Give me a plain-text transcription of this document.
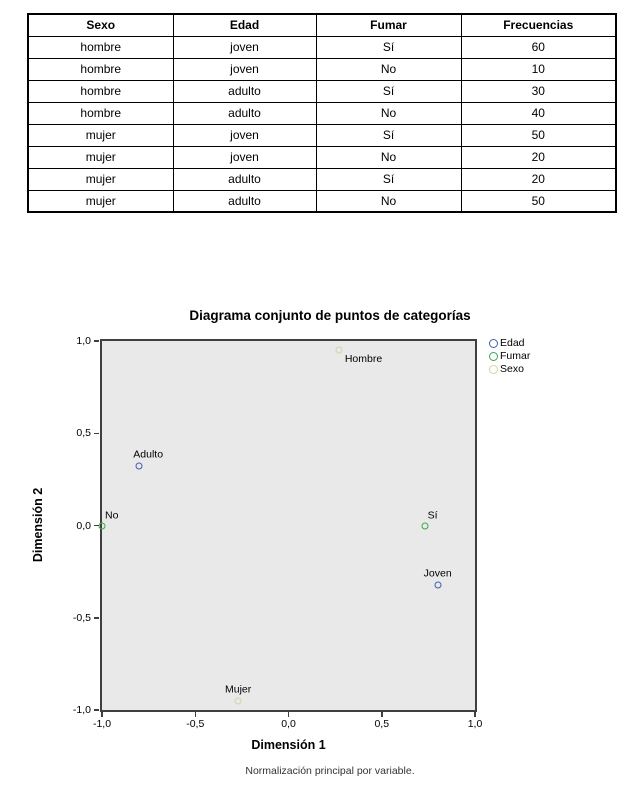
Sexo	Edad	Fumar	Frecuencias
hombre	joven	Sí	60
hombre	joven	No	10
hombre	adulto	Sí	30
hombre	adulto	No	40
mujer	joven	Sí	50
mujer	joven	No	20
mujer	adulto	Sí	20
mujer	adulto	No	50
Diagrama conjunto de puntos de categorías
Adulto
Joven
No	Sí
Hombre
Mujer
1,0
0,5
0,0
-0,5
-1,0
-1,0	-0,5	0,0	0,5	1,0
Dimensión 1
Dimensión 2
Edad
Fumar
Sexo
Normalización principal por variable.
